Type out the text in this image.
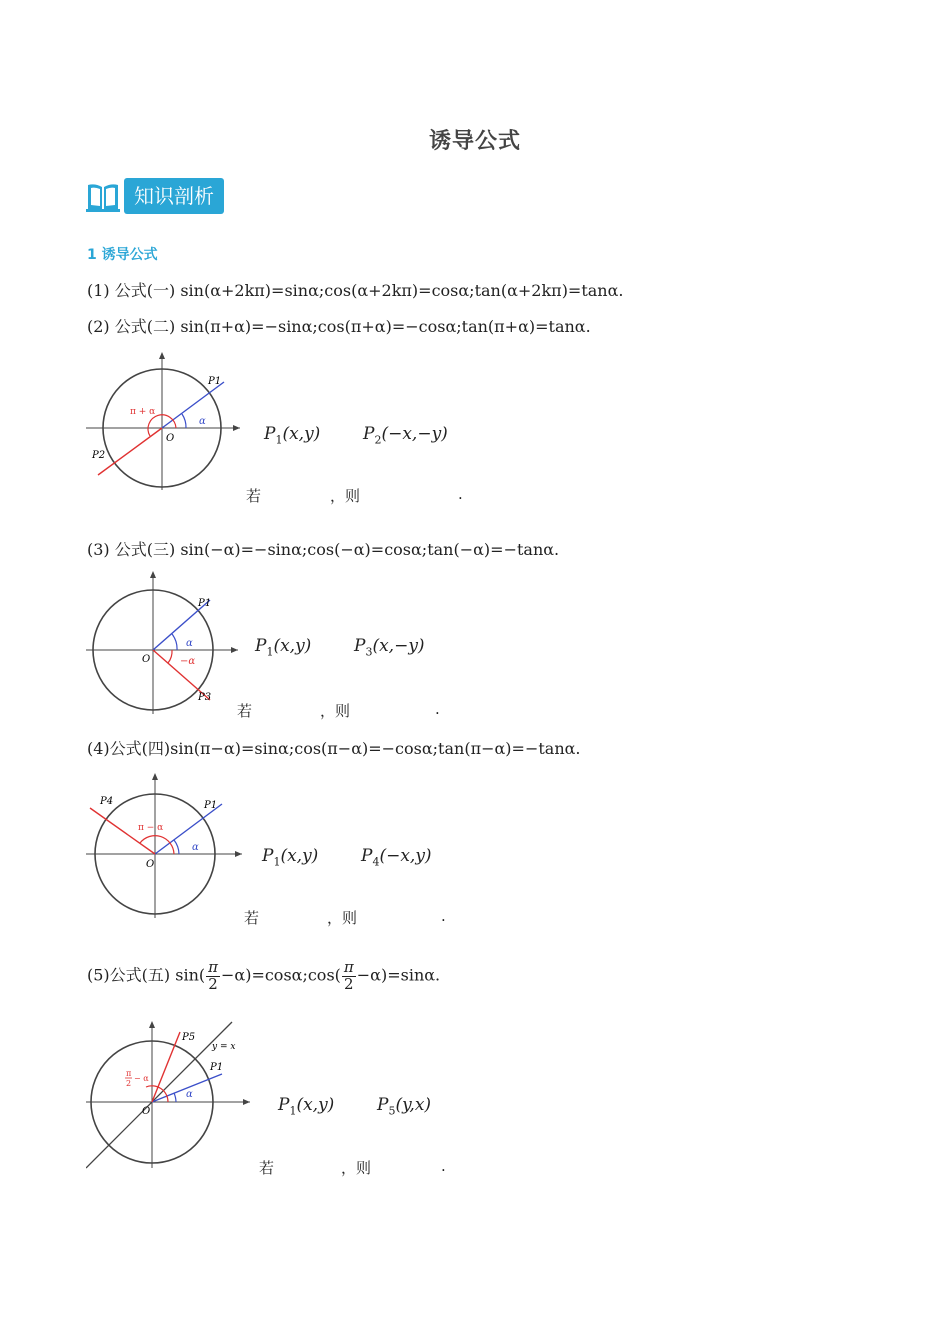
诱导公式
知识剖析
1 诱导公式
(1) 公式(一) sin(α+2kπ)=sinα;cos(α+2kπ)=cosα;tan(α+2kπ)=tanα.
(2) 公式(二) sin(π+α)=−sinα;cos(π+α)=−cosα;tan(π+α)=tanα.
α
π + α
O
P1
P2
$P_1(x,y)$	$P_2(-x,-y)$
若	，则	.
(3) 公式(三) sin(−α)=−sinα;cos(−α)=cosα;tan(−α)=−tanα.
α
−α
O
P1
P3
$P_1(x,y)$	$P_3(x,-y)$
若	，则	.
(4)公式(四)sin(π−α)=sinα;cos(π−α)=−cosα;tan(π−α)=−tanα.
α
π − α
O
P1
P4
$P_1(x,y)$	$P_4(-x,y)$
若	，则	.
(5)公式(五) $\sin( \frac{\pi}{2}$ −α)=cosα;cos( $\frac{\pi}{2} -\alpha)=\sin\alpha$.
α
π
2
− α
O
P1
P5
y = x
$P_1(x,y)$	$P_5(y,x)$
若	，则	.
